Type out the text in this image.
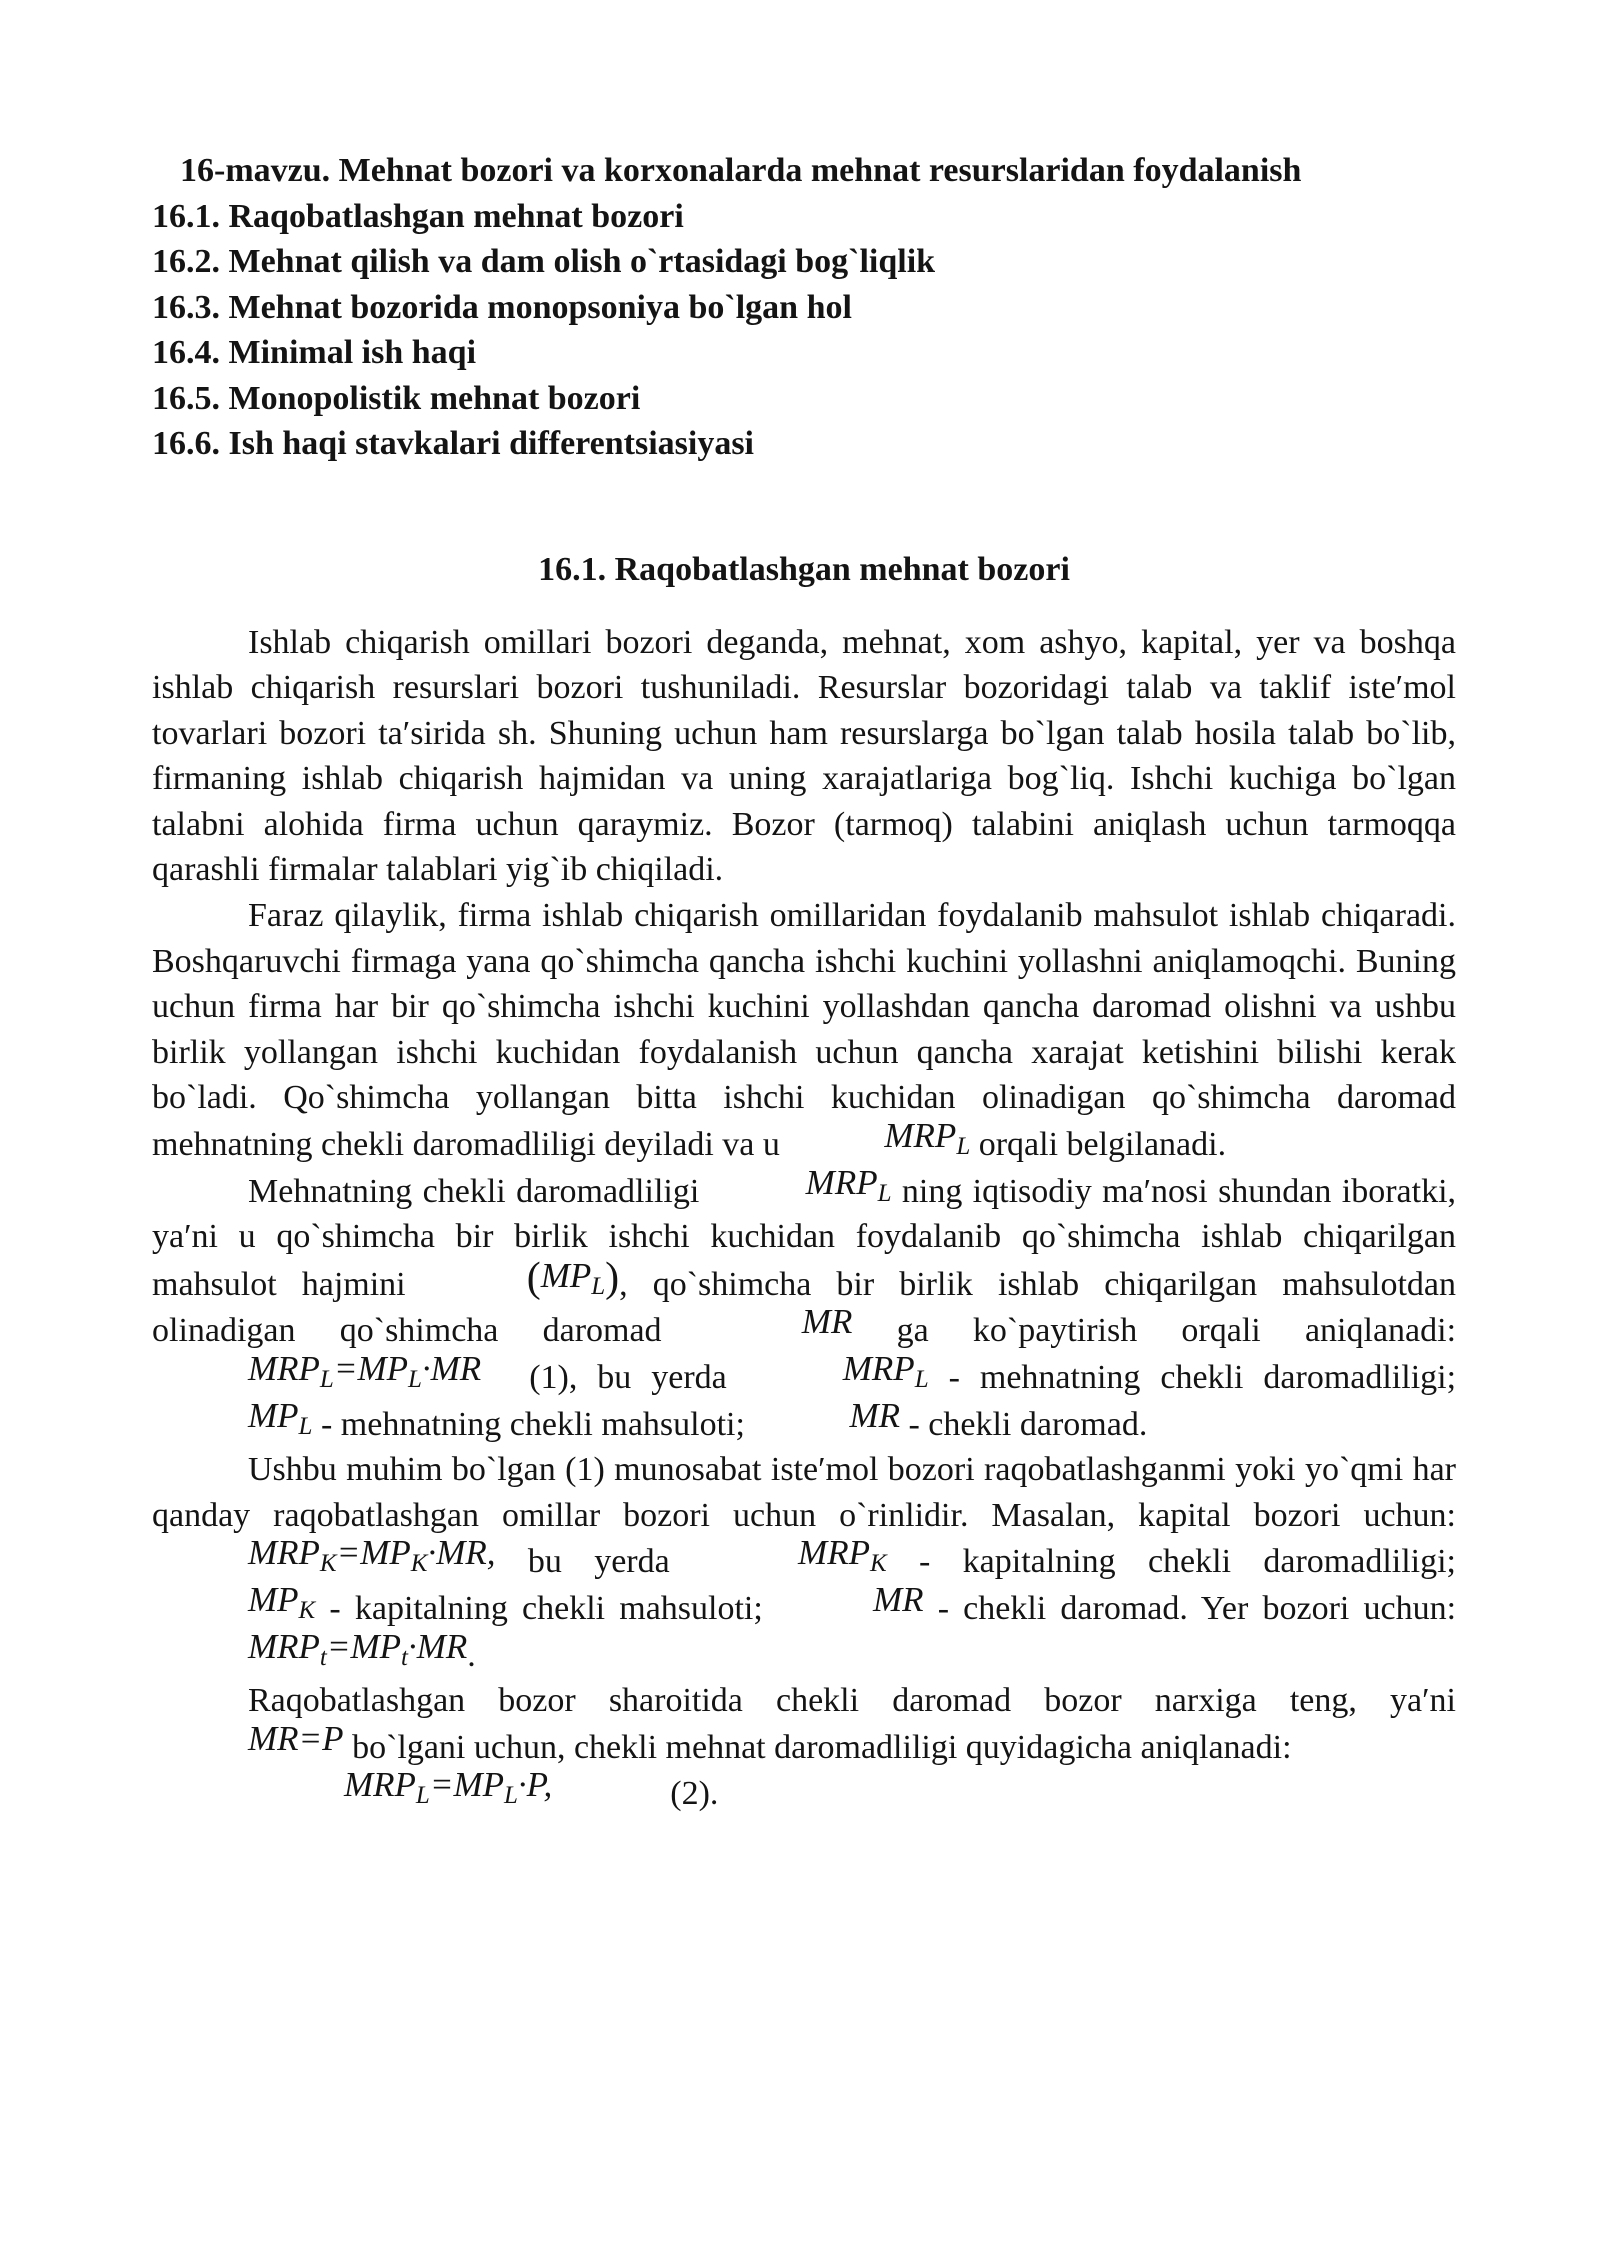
16-mavzu. Mehnat bozori va korxonalarda mehnat resurslaridan foydalanish
16.1. Raqobatlashgan mehnat bozori
16.2. Mehnat qilish va dam olish o`rtasidagi bog`liqlik
16.3. Mehnat bozorida monopsoniya bo`lgan hol
16.4. Minimal ish haqi
16.5. Monopolistik mehnat bozori
16.6. Ish haqi stavkalari differentsiasiyasi
16.1. Raqobatlashgan mehnat bozori

Ishlab chiqarish omillari bozori deganda, mehnat, xom ashyo, kapital, yer va boshqa ishlab chiqarish resurslari bozori tushuniladi. Resurslar bozoridagi talab va taklif iste′mol tovarlari bozori ta′sirida sh. Shuning uchun ham resurslarga bo`lgan talab hosila talab bo`lib, firmaning ishlab chiqarish hajmidan va uning xarajatlariga bog`liq. Ishchi kuchiga bo`lgan talabni alohida firma uchun qaraymiz. Bozor (tarmoq) talabini aniqlash uchun tarmoqqa qarashli firmalar talablari yig`ib chiqiladi.

Faraz qilaylik, firma ishlab chiqarish omillaridan foydalanib mahsulot ishlab chiqaradi. Boshqaruvchi firmaga yana qo`shimcha qancha ishchi kuchini yollashni aniqlamoqchi. Buning uchun firma har bir qo`shimcha ishchi kuchini yollashdan qancha daromad olishni va ushbu birlik yollangan ishchi kuchidan foydalanish uchun qancha xarajat ketishini bilishi kerak bo`ladi. Qo`shimcha yollangan bitta ishchi kuchidan olinadigan qo`shimcha daromad mehnatning chekli daromadliligi deyiladi va u	$MRP_L$ orqali belgilanadi.

Mehnatning chekli daromadliligi	$MRP_L$ ning iqtisodiy ma′nosi shundan iboratki, ya′ni u qo`shimcha bir birlik ishchi kuchidan foydalanib qo`shimcha ishlab chiqarilgan mahsulot hajmini	$(MP_L)$, qo`shimcha bir birlik ishlab chiqarilgan mahsulotdan olinadigan qo`shimcha daromad	MR ga ko`paytirish orqali aniqlanadi: $MRP_L=MP_L\cdot MR$ (1), bu yerda	$MRP_L$ - mehnatning chekli daromadliligi; $MP_L$ - mehnatning chekli mahsuloti;	MR - chekli daromad.

Ushbu muhim bo`lgan (1) munosabat iste′mol bozori raqobatlashganmi yoki yo`qmi har qanday raqobatlashgan omillar bozori uchun o`rinlidir. Masalan, kapital bozori uchun: $MRP_K=MP_K\cdot MR$, bu yerda	$MRP_K$ - kapitalning chekli daromadliligi; $MP_K$ - kapitalning chekli mahsuloti;	MR - chekli daromad. Yer bozori uchun: $MRP_t=MP_t\cdot MR$.

Raqobatlashgan bozor sharoitida chekli daromad bozor narxiga teng, ya′ni MR=P bo`lgani uchun, chekli mehnat daromadliligi quyidagicha aniqlanadi:

$MRP_L=MP_L\cdot P$,	(2).
